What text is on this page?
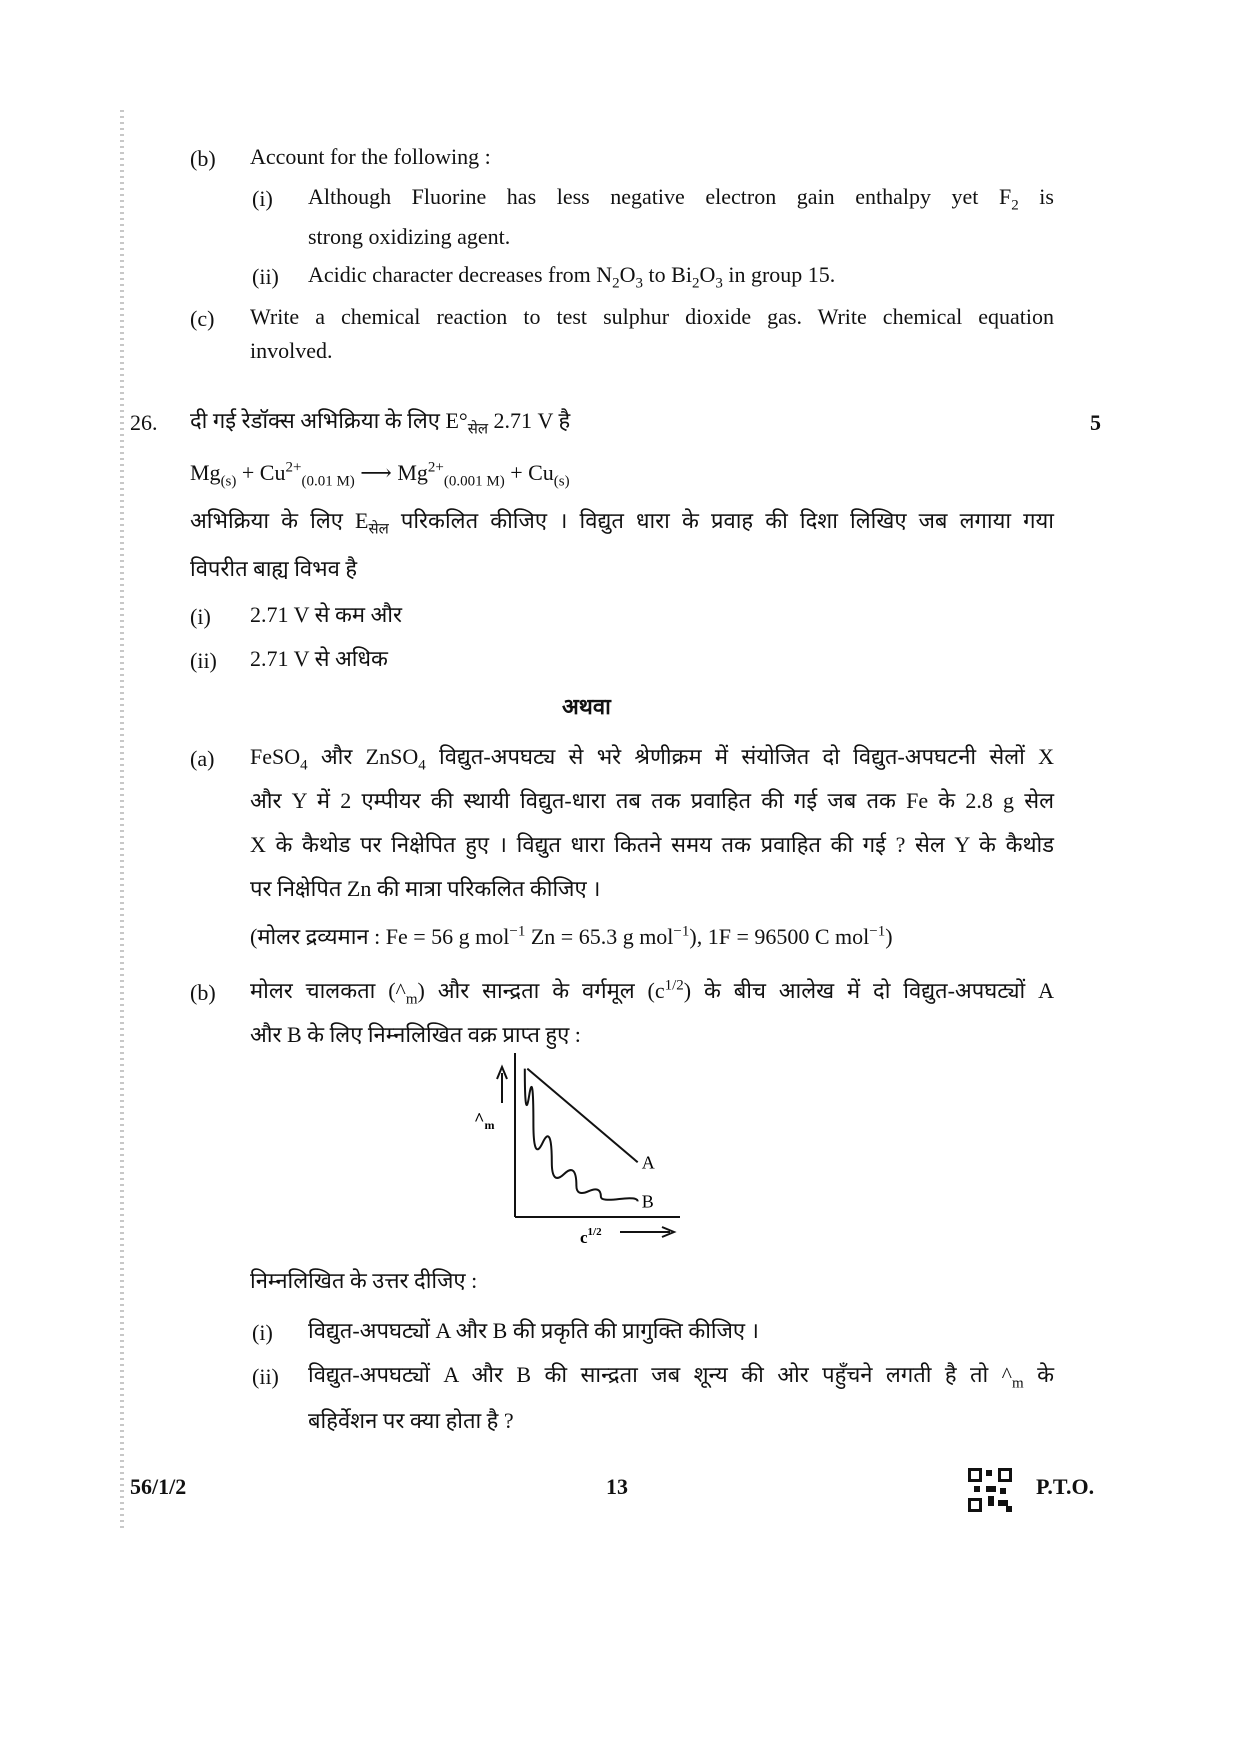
(b) Account for the following :
(i) Although Fluorine has less negative electron gain enthalpy yet $F_2$ is
strong oxidizing agent.
(ii) Acidic character decreases from $N_2O_3$ to $Bi_2O_3$ in group 15.
(c) Write a chemical reaction to test sulphur dioxide gas. Write chemical equation
involved.
26. दी गई रेडॉक्स अभिक्रिया के लिए $E^\circ_{सेल}$ 2.71 V है	5
$Mg_{(s)} + Cu^{2+}_{(0.01 M)}$ ⟶ $Mg^{2+}_{(0.001 M)} + Cu_{(s)}$
अभिक्रिया के लिए $E_{सेल}$ परिकलित कीजिए । विद्युत धारा के प्रवाह की दिशा लिखिए जब लगाया गया
विपरीत बाह्य विभव है
(i) 2.71 V से कम और
(ii) 2.71 V से अधिक
अथवा
(a) FeSO$_4$ और ZnSO$_4$ विद्युत-अपघट्य से भरे श्रेणीक्रम में संयोजित दो विद्युत-अपघटनी सेलों X
और Y में 2 एम्पीयर की स्थायी विद्युत-धारा तब तक प्रवाहित की गई जब तक Fe के 2.8 g सेल
X के कैथोड पर निक्षेपित हुए । विद्युत धारा कितने समय तक प्रवाहित की गई ? सेल Y के कैथोड
पर निक्षेपित Zn की मात्रा परिकलित कीजिए ।
(मोलर द्रव्यमान : Fe = 56 g mol$^{-1}$ Zn = 65.3 g mol$^{-1}$), 1F = 96500 C mol$^{-1}$)
(b) मोलर चालकता $(\^{}_m)$ और सान्द्रता के वर्गमूल $(c^{1/2})$ के बीच आलेख में दो विद्युत-अपघट्यों A
और B के लिए निम्नलिखित वक्र प्राप्त हुए :
$\^{}_m$
$c^{1/2}$
A
B
निम्नलिखित के उत्तर दीजिए :
(i) विद्युत-अपघट्यों A और B की प्रकृति की प्रागुक्ति कीजिए ।
(ii) विद्युत-अपघट्यों A और B की सान्द्रता जब शून्य की ओर पहुँचने लगती है तो $\^{}_m$ के
बहिर्वेशन पर क्या होता है ?
56/1/2	13	P.T.O.
